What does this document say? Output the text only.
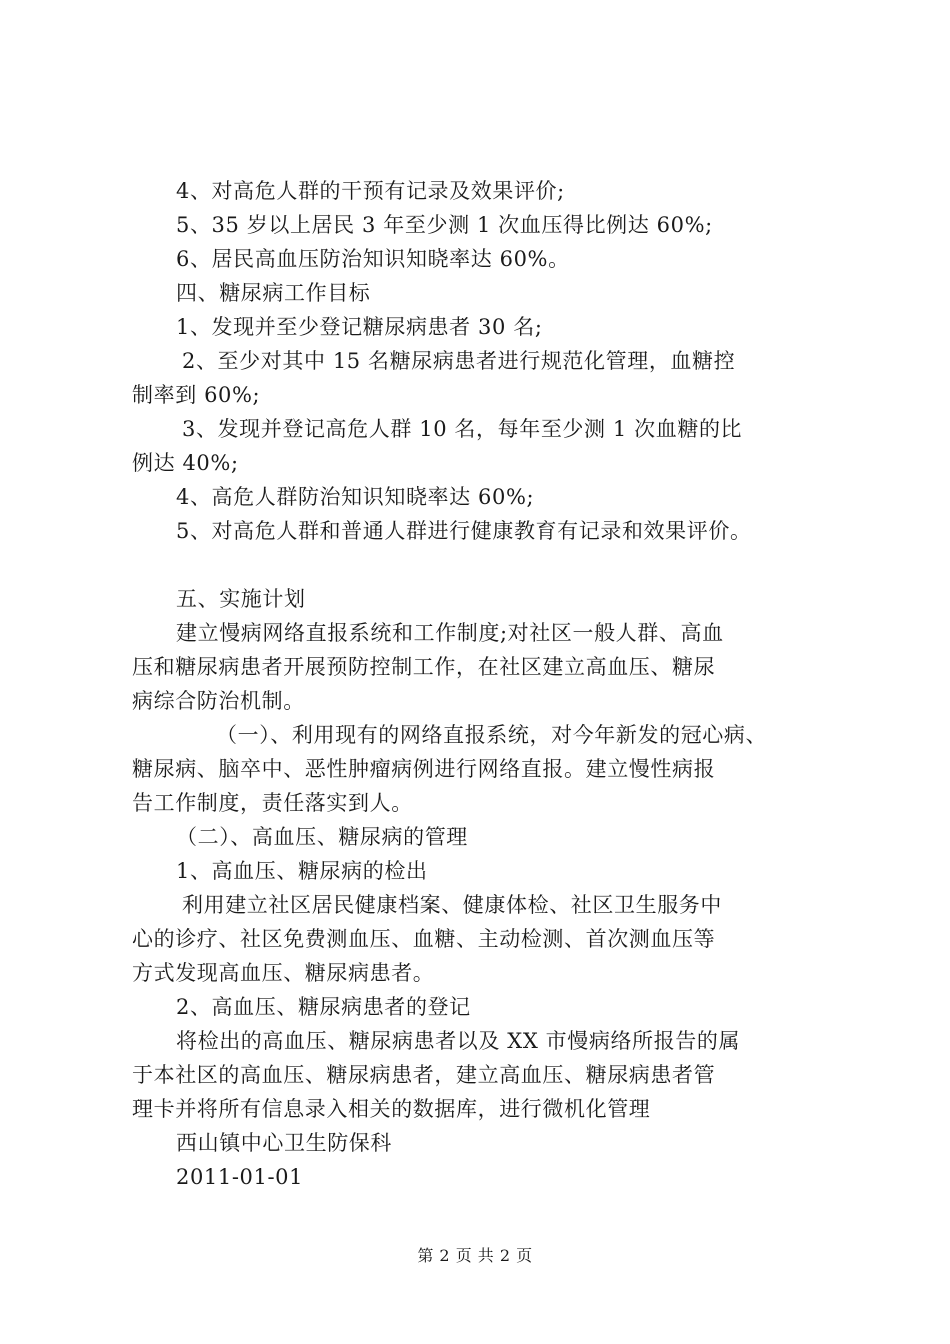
4、对高危人群的干预有记录及效果评价;

5、35 岁以上居民 3 年至少测 1 次血压得比例达 60%;

6、居民高血压防治知识知晓率达 60%。

四、糖尿病工作目标

1、发现并至少登记糖尿病患者 30 名;

2、至少对其中 15 名糖尿病患者进行规范化管理，血糖控

制率到 60%;

3、发现并登记高危人群 10 名，每年至少测 1 次血糖的比

例达 40%;

4、高危人群防治知识知晓率达 60%;

5、对高危人群和普通人群进行健康教育有记录和效果评价。

五、实施计划

建立慢病网络直报系统和工作制度;对社区一般人群、高血

压和糖尿病患者开展预防控制工作，在社区建立高血压、糖尿

病综合防治机制。

（一）、利用现有的网络直报系统，对今年新发的冠心病、

糖尿病、脑卒中、恶性肿瘤病例进行网络直报。建立慢性病报

告工作制度，责任落实到人。

（二）、高血压、糖尿病的管理

1、高血压、糖尿病的检出

利用建立社区居民健康档案、健康体检、社区卫生服务中

心的诊疗、社区免费测血压、血糖、主动检测、首次测血压等

方式发现高血压、糖尿病患者。

2、高血压、糖尿病患者的登记

将检出的高血压、糖尿病患者以及 XX 市慢病络所报告的属

于本社区的高血压、糖尿病患者，建立高血压、糖尿病患者管

理卡并将所有信息录入相关的数据库，进行微机化管理

西山镇中心卫生防保科

2011-01-01

第 2 页 共 2 页
